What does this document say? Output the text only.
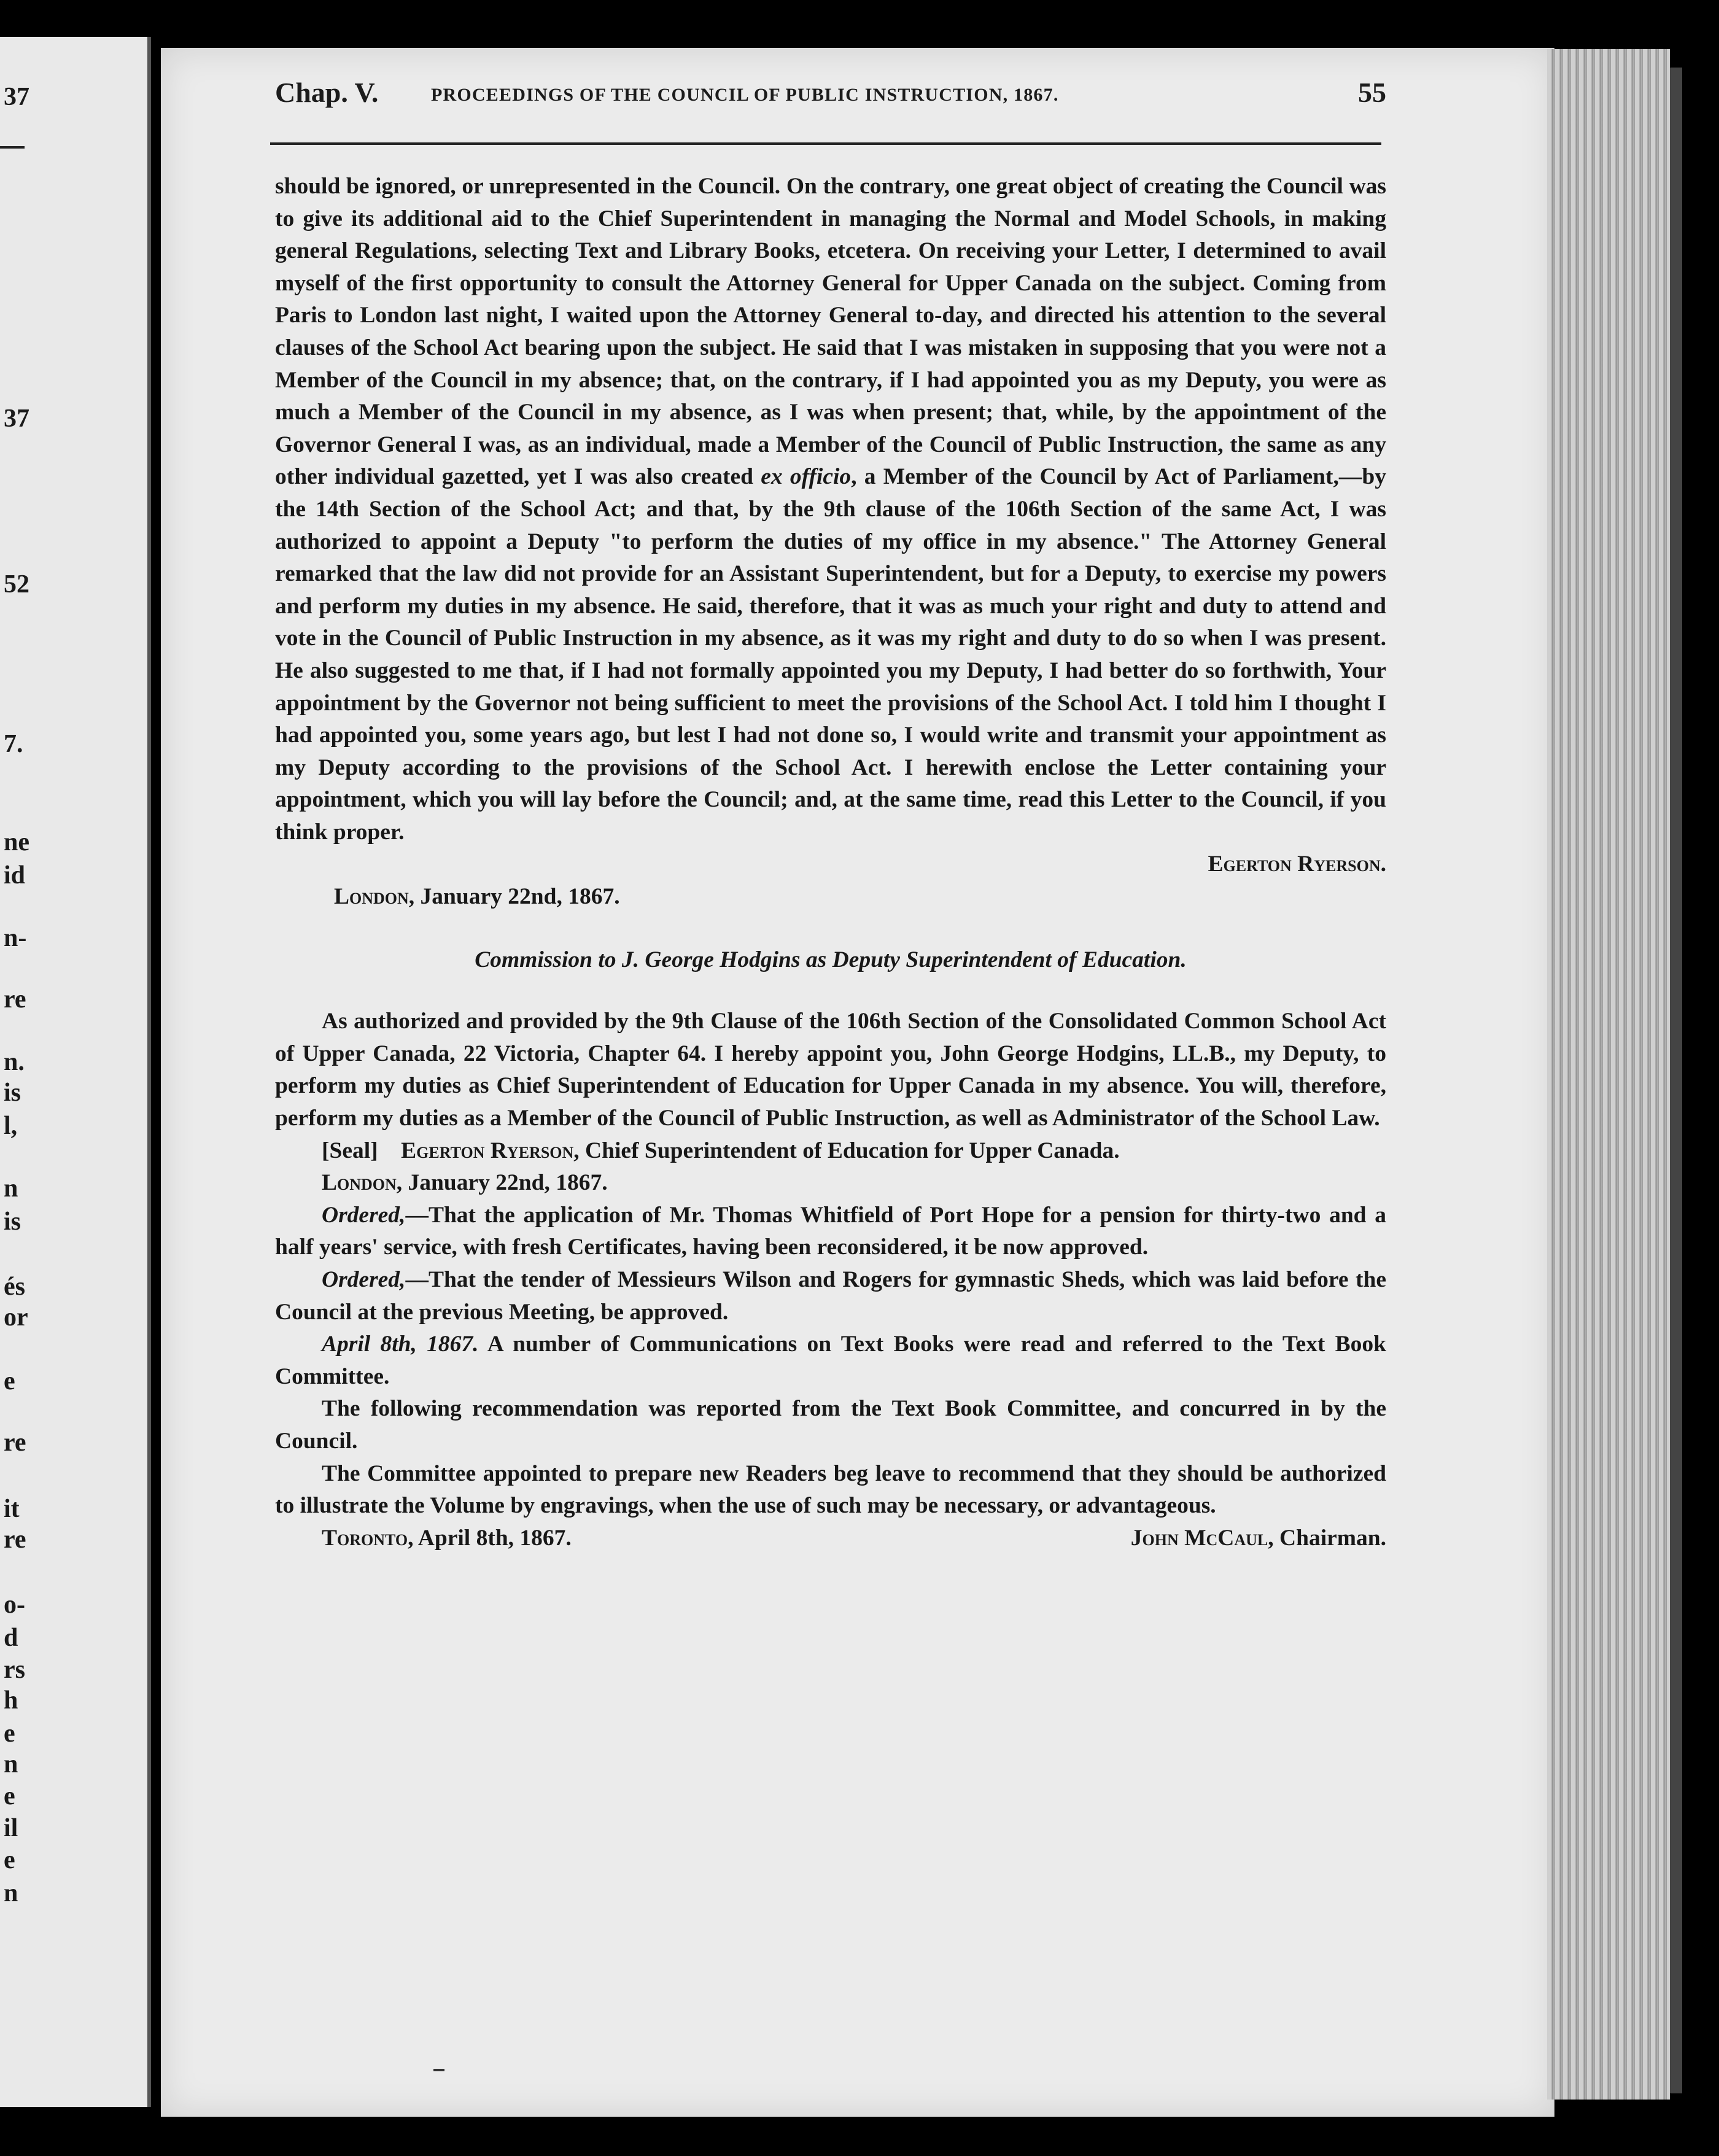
37
37
52
7.
ne
id
n-
re
n.
is
l,
n
is
és
or
e
re
it
re
o-
d
rs
h
e
n
e
il
e
n
Chap. V.	PROCEEDINGS OF THE COUNCIL OF PUBLIC INSTRUCTION, 1867.	55

should be ignored, or unrepresented in the Council. On the contrary, one great object of creating the Council was to give its additional aid to the Chief Superintendent in managing the Normal and Model Schools, in making general Regulations, selecting Text and Library Books, etcetera. On receiving your Letter, I determined to avail myself of the first opportunity to consult the Attorney General for Upper Canada on the subject. Coming from Paris to London last night, I waited upon the Attorney General to-day, and directed his attention to the several clauses of the School Act bearing upon the subject. He said that I was mistaken in supposing that you were not a Member of the Council in my absence; that, on the contrary, if I had appointed you as my Deputy, you were as much a Member of the Council in my absence, as I was when present; that, while, by the appointment of the Governor General I was, as an individual, made a Member of the Council of Public Instruction, the same as any other individual gazetted, yet I was also created ex officio, a Member of the Council by Act of Parliament,—by the 14th Section of the School Act; and that, by the 9th clause of the 106th Section of the same Act, I was authorized to appoint a Deputy "to perform the duties of my office in my absence." The Attorney General remarked that the law did not provide for an Assistant Superintendent, but for a Deputy, to exercise my powers and perform my duties in my absence. He said, therefore, that it was as much your right and duty to attend and vote in the Council of Public Instruction in my absence, as it was my right and duty to do so when I was present. He also suggested to me that, if I had not formally appointed you my Deputy, I had better do so forthwith, Your appointment by the Governor not being sufficient to meet the provisions of the School Act. I told him I thought I had appointed you, some years ago, but lest I had not done so, I would write and transmit your appointment as my Deputy according to the provisions of the School Act. I herewith enclose the Letter containing your appointment, which you will lay before the Council; and, at the same time, read this Letter to the Council, if you think proper.

Egerton Ryerson.

London, January 22nd, 1867.

Commission to J. George Hodgins as Deputy Superintendent of Education.

As authorized and provided by the 9th Clause of the 106th Section of the Consolidated Common School Act of Upper Canada, 22 Victoria, Chapter 64. I hereby appoint you, John George Hodgins, LL.B., my Deputy, to perform my duties as Chief Superintendent of Education for Upper Canada in my absence. You will, therefore, perform my duties as a Member of the Council of Public Instruction, as well as Administrator of the School Law.

[Seal] Egerton Ryerson, Chief Superintendent of Education for Upper Canada.

London, January 22nd, 1867.

Ordered,—That the application of Mr. Thomas Whitfield of Port Hope for a pension for thirty-two and a half years' service, with fresh Certificates, having been reconsidered, it be now approved.

Ordered,—That the tender of Messieurs Wilson and Rogers for gymnastic Sheds, which was laid before the Council at the previous Meeting, be approved.

April 8th, 1867. A number of Communications on Text Books were read and referred to the Text Book Committee.

The following recommendation was reported from the Text Book Committee, and concurred in by the Council.

The Committee appointed to prepare new Readers beg leave to recommend that they should be authorized to illustrate the Volume by engravings, when the use of such may be necessary, or advantageous.

Toronto, April 8th, 1867.	John McCaul, Chairman.
